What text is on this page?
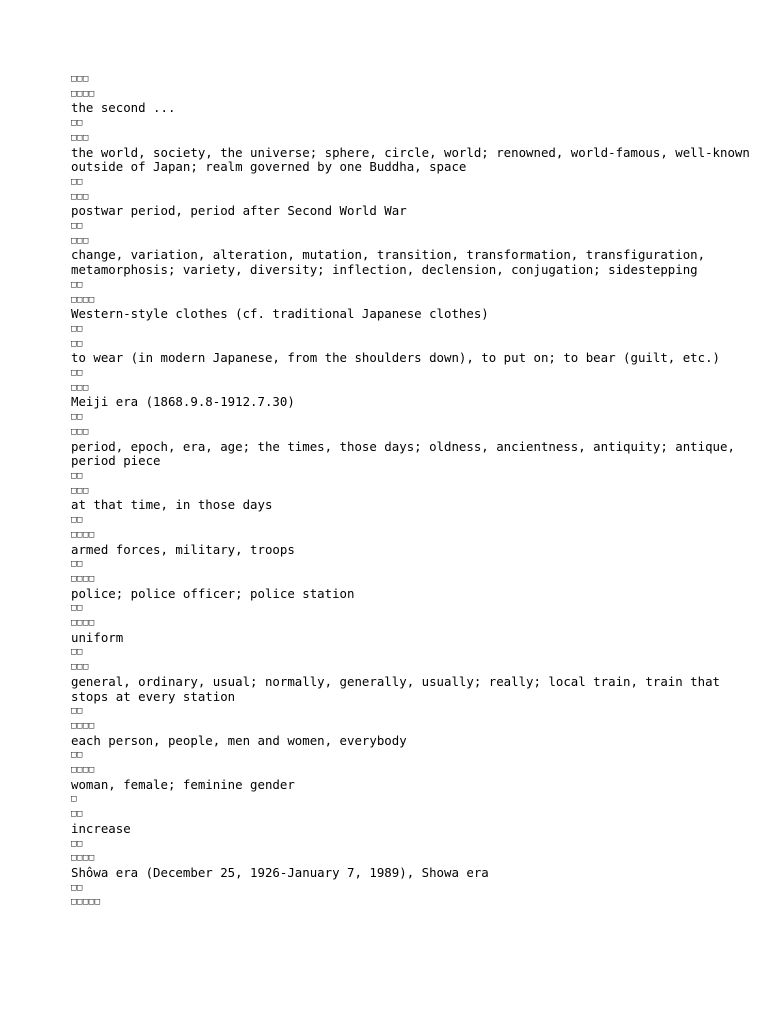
□□□

□□□□

the second ...

□□

□□□

the world, society, the universe; sphere, circle, world; renowned, world-famous, well-known outside of Japan; realm governed by one Buddha, space

□□

□□□

postwar period, period after Second World War

□□

□□□

change, variation, alteration, mutation, transition, transformation, transfiguration, metamorphosis; variety, diversity; inflection, declension, conjugation; sidestepping

□□

□□□□

Western-style clothes (cf. traditional Japanese clothes)

□□

□□

to wear (in modern Japanese, from the shoulders down), to put on; to bear (guilt, etc.)

□□

□□□

Meiji era (1868.9.8-1912.7.30)

□□

□□□

period, epoch, era, age; the times, those days; oldness, ancientness, antiquity; antique, period piece

□□

□□□

at that time, in those days

□□

□□□□

armed forces, military, troops

□□

□□□□

police; police officer; police station

□□

□□□□

uniform

□□

□□□

general, ordinary, usual; normally, generally, usually; really; local train, train that stops at every station

□□

□□□□

each person, people, men and women, everybody

□□

□□□□

woman, female; feminine gender

□

□□

increase

□□

□□□□

Shôwa era (December 25, 1926-January 7, 1989), Showa era

□□

□□□□□
